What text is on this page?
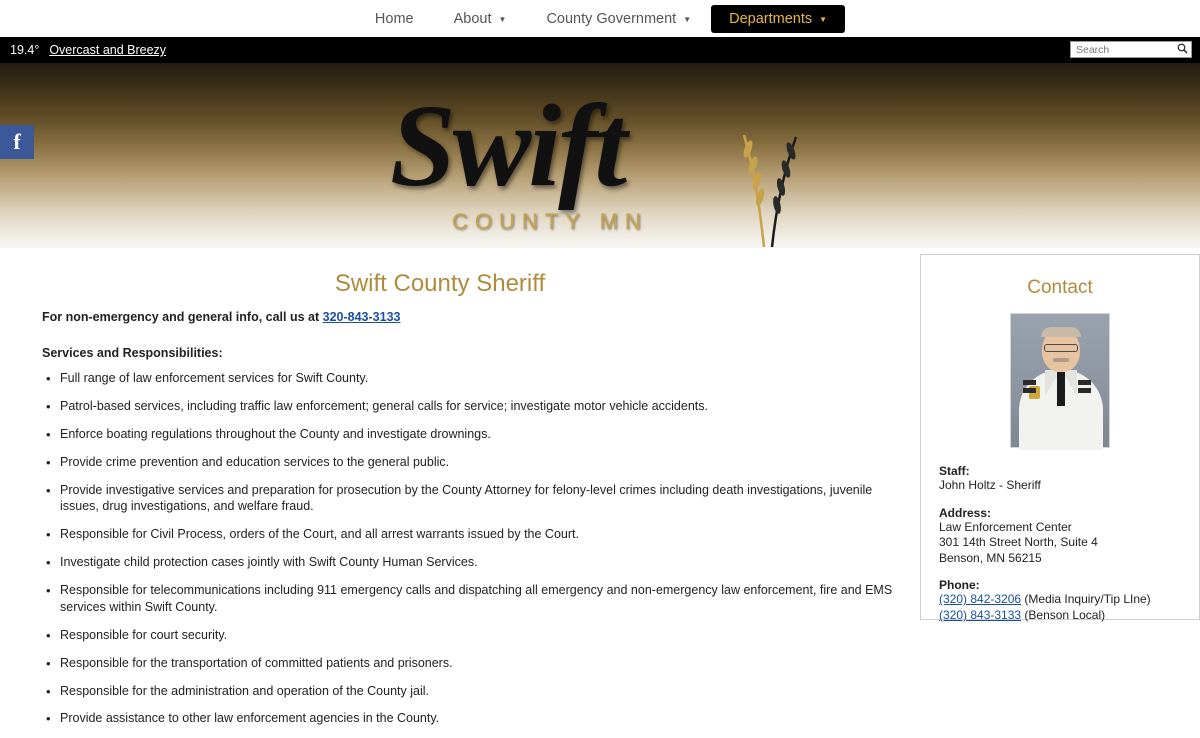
Home	About ▼	County Government ▼	Departments ▼
19.4° Overcast and Breezy
Search
f	Swift
COUNTY MN
Swift County Sheriff
For non-emergency and general info, call us at 320-843-3133
Services and Responsibilities:
• Full range of law enforcement services for Swift County.
• Patrol-based services, including traffic law enforcement; general calls for service; investigate motor vehicle accidents.
• Enforce boating regulations throughout the County and investigate drownings.
• Provide crime prevention and education services to the general public.
• Provide investigative services and preparation for prosecution by the County Attorney for felony-level crimes including death investigations, juvenile issues, drug investigations, and welfare fraud.
• Responsible for Civil Process, orders of the Court, and all arrest warrants issued by the Court.
• Investigate child protection cases jointly with Swift County Human Services.
• Responsible for telecommunications including 911 emergency calls and dispatching all emergency and non-emergency law enforcement, fire and EMS services within Swift County.
• Responsible for court security.
• Responsible for the transportation of committed patients and prisoners.
• Responsible for the administration and operation of the County jail.
• Provide assistance to other law enforcement agencies in the County.
Contact
Staff:
John Holtz - Sheriff
Address:
Law Enforcement Center
301 14th Street North, Suite 4
Benson, MN 56215
Phone:
(320) 842-3206 (Media Inquiry/Tip LIne)
(320) 843-3133 (Benson Local)
